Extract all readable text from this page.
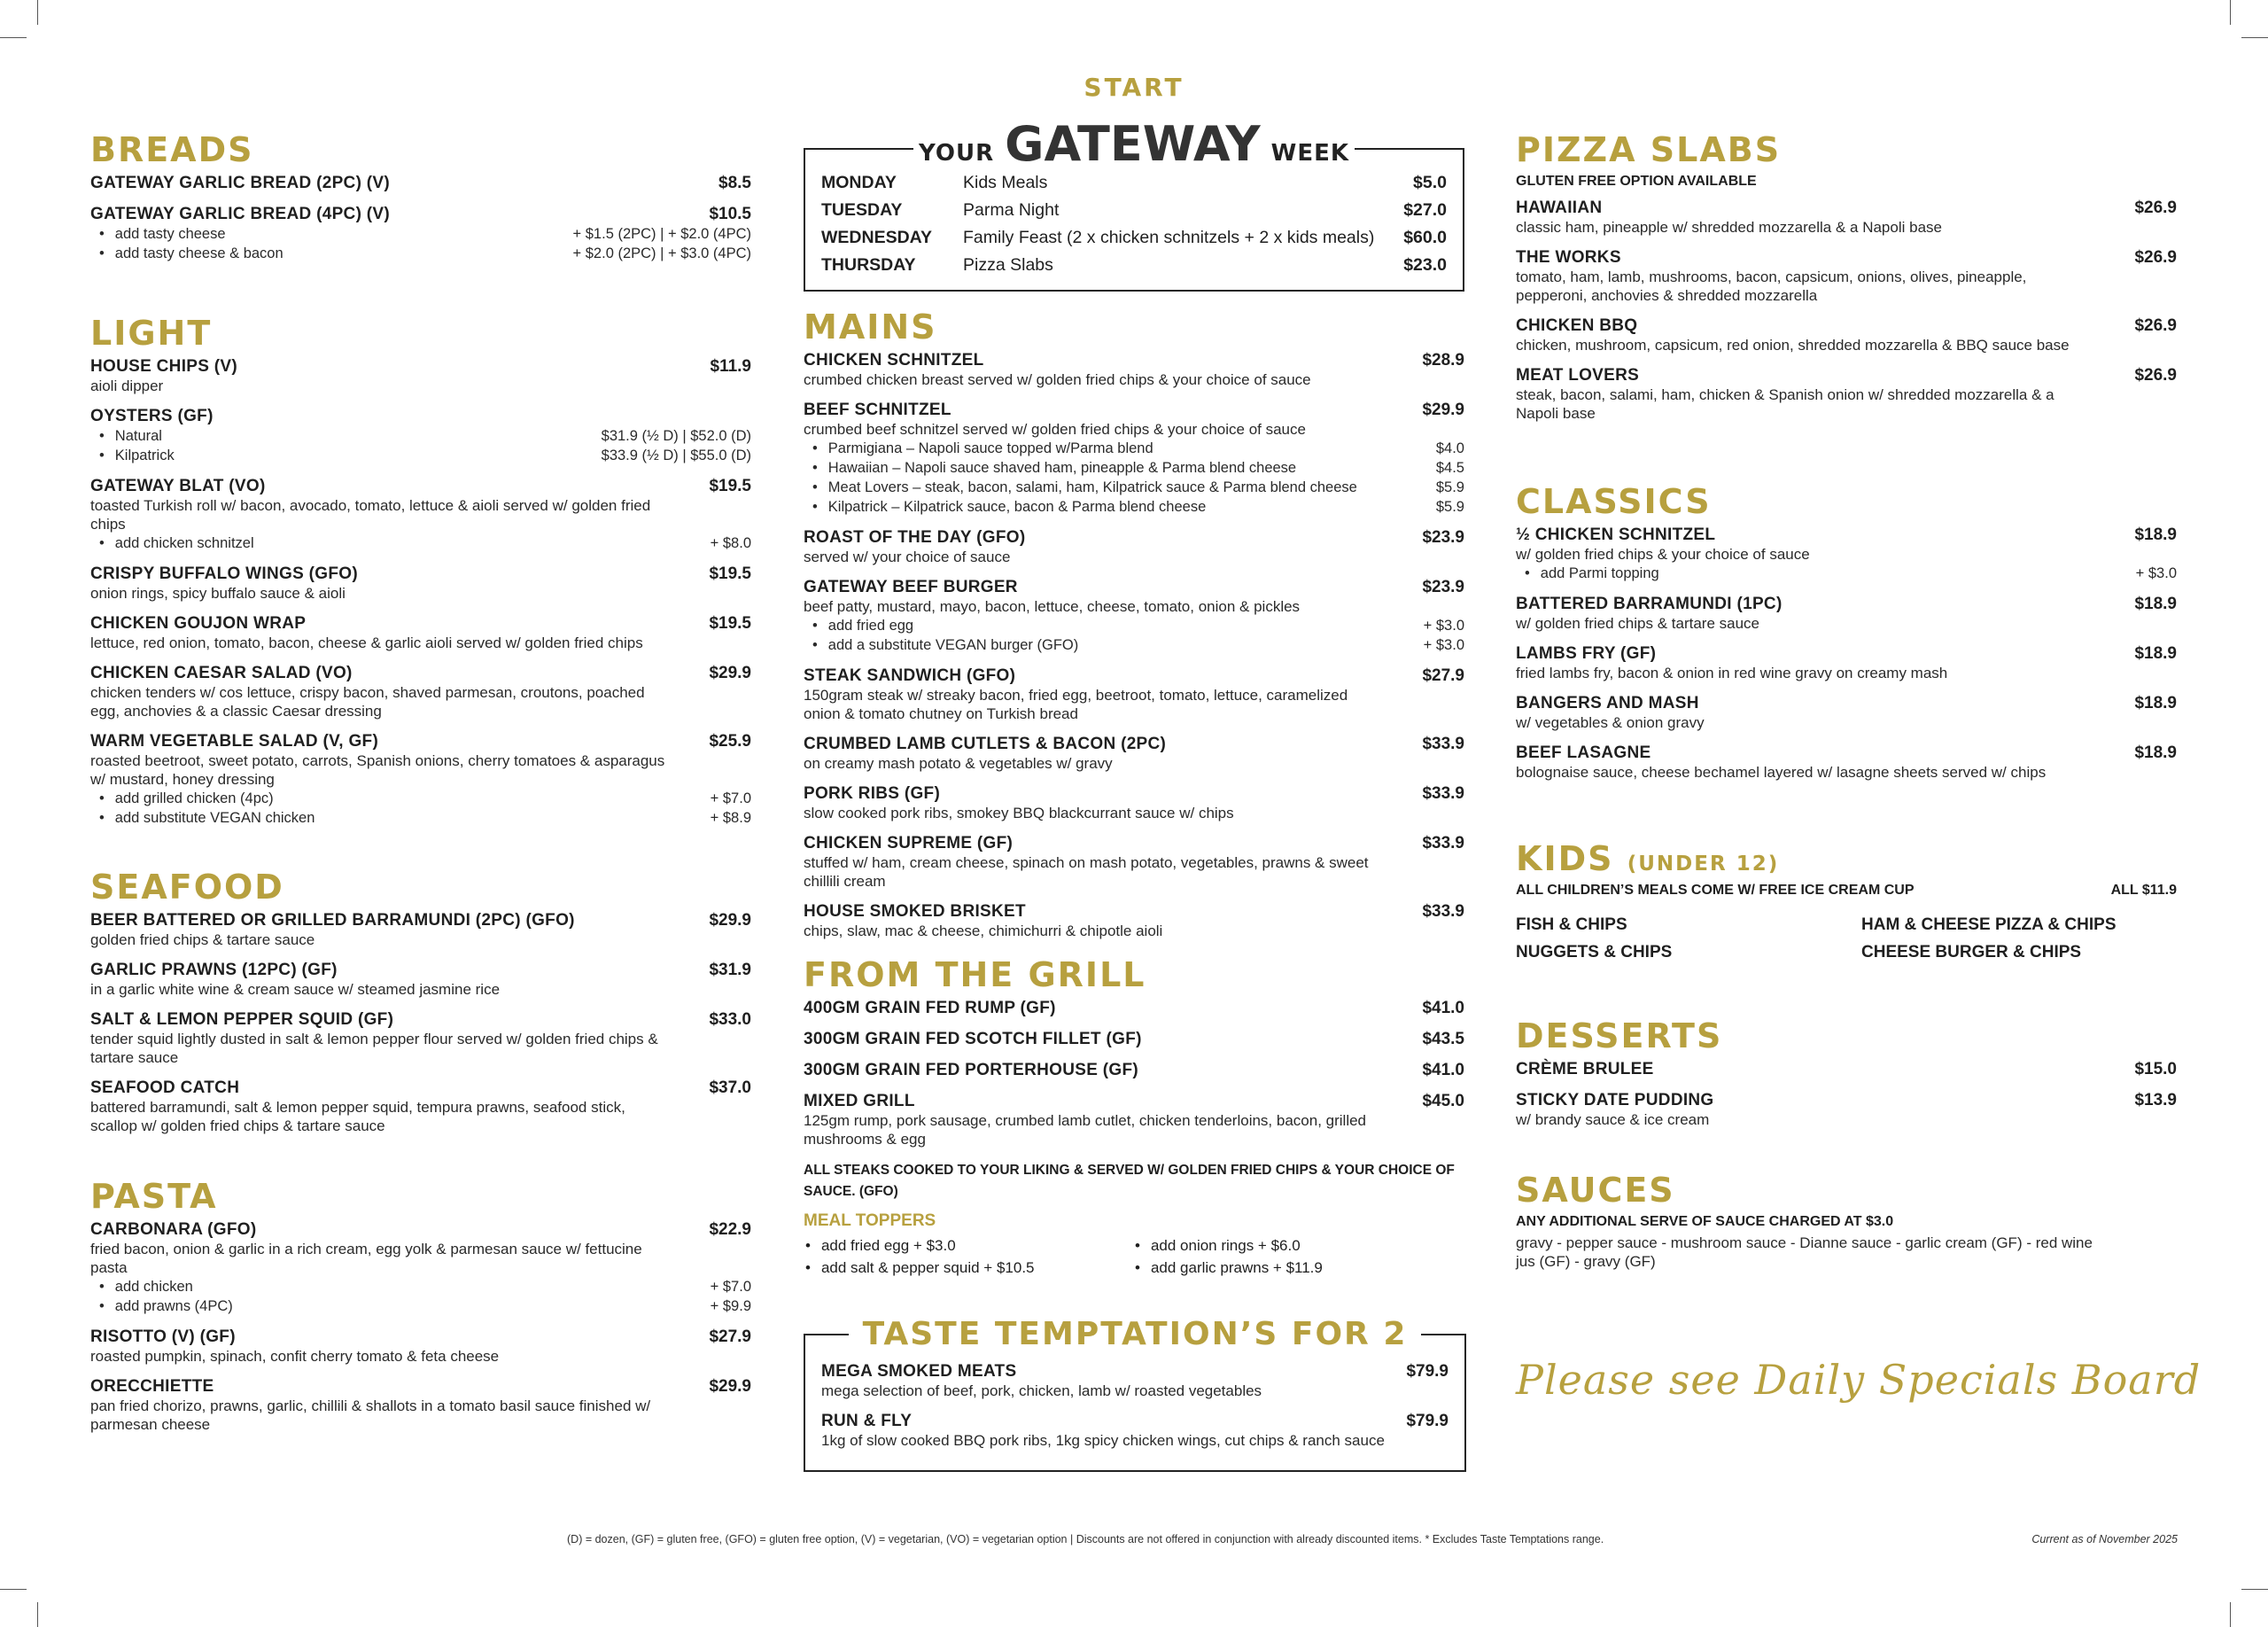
BREADS
GATEWAY GARLIC BREAD (2PC) (V)	$8.5
GATEWAY GARLIC BREAD (4PC) (V)	$10.5
• add tasty cheese	+ $1.5 (2PC) | + $2.0 (4PC)
• add tasty cheese & bacon	+ $2.0 (2PC) | + $3.0 (4PC)
LIGHT
HOUSE CHIPS (V)	$11.9
aioli dipper
OYSTERS (GF)
• Natural	$31.9 (½ D) | $52.0 (D)
• Kilpatrick	$33.9 (½ D) | $55.0 (D)
GATEWAY BLAT (VO)	$19.5
toasted Turkish roll w/ bacon, avocado, tomato, lettuce & aioli served w/ golden fried chips
• add chicken schnitzel	+ $8.0
CRISPY BUFFALO WINGS (GFO)	$19.5
onion rings, spicy buffalo sauce & aioli
CHICKEN GOUJON WRAP	$19.5
lettuce, red onion, tomato, bacon, cheese & garlic aioli served w/ golden fried chips
CHICKEN CAESAR SALAD (VO)	$29.9
chicken tenders w/ cos lettuce, crispy bacon, shaved parmesan, croutons, poached egg, anchovies & a classic Caesar dressing
WARM VEGETABLE SALAD (V, GF)	$25.9
roasted beetroot, sweet potato, carrots, Spanish onions, cherry tomatoes & asparagus w/ mustard, honey dressing
• add grilled chicken (4pc)	+ $7.0
• add substitute VEGAN chicken	+ $8.9
SEAFOOD
BEER BATTERED OR GRILLED BARRAMUNDI (2PC) (GFO)	$29.9
golden fried chips & tartare sauce
GARLIC PRAWNS (12PC) (GF)	$31.9
in a garlic white wine & cream sauce w/ steamed jasmine rice
SALT & LEMON PEPPER SQUID (GF)	$33.0
tender squid lightly dusted in salt & lemon pepper flour served w/ golden fried chips & tartare sauce
SEAFOOD CATCH	$37.0
battered barramundi, salt & lemon pepper squid, tempura prawns, seafood stick, scallop w/ golden fried chips & tartare sauce
PASTA
CARBONARA (GFO)	$22.9
fried bacon, onion & garlic in a rich cream, egg yolk & parmesan sauce w/ fettucine pasta
• add chicken	+ $7.0
• add prawns (4PC)	+ $9.9
RISOTTO (V) (GF)	$27.9
roasted pumpkin, spinach, confit cherry tomato & feta cheese
ORECCHIETTE	$29.9
pan fried chorizo, prawns, garlic, chillili & shallots in a tomato basil sauce finished w/ parmesan cheese
START
YOUR GATEWAY WEEK
MONDAY	Kids Meals	$5.0
TUESDAY	Parma Night	$27.0
WEDNESDAY	Family Feast (2 x chicken schnitzels + 2 x kids meals)	$60.0
THURSDAY	Pizza Slabs	$23.0
MAINS
CHICKEN SCHNITZEL	$28.9
crumbed chicken breast served w/ golden fried chips & your choice of sauce
BEEF SCHNITZEL	$29.9
crumbed beef schnitzel served w/ golden fried chips & your choice of sauce
• Parmigiana – Napoli sauce topped w/Parma blend	$4.0
• Hawaiian – Napoli sauce shaved ham, pineapple & Parma blend cheese	$4.5
• Meat Lovers – steak, bacon, salami, ham, Kilpatrick sauce & Parma blend cheese	$5.9
• Kilpatrick – Kilpatrick sauce, bacon & Parma blend cheese	$5.9
ROAST OF THE DAY (GFO)	$23.9
served w/ your choice of sauce
GATEWAY BEEF BURGER	$23.9
beef patty, mustard, mayo, bacon, lettuce, cheese, tomato, onion & pickles
• add fried egg	+ $3.0
• add a substitute VEGAN burger (GFO)	+ $3.0
STEAK SANDWICH (GFO)	$27.9
150gram steak w/ streaky bacon, fried egg, beetroot, tomato, lettuce, caramelized onion & tomato chutney on Turkish bread
CRUMBED LAMB CUTLETS & BACON (2PC)	$33.9
on creamy mash potato & vegetables w/ gravy
PORK RIBS (GF)	$33.9
slow cooked pork ribs, smokey BBQ blackcurrant sauce w/ chips
CHICKEN SUPREME (GF)	$33.9
stuffed w/ ham, cream cheese, spinach on mash potato, vegetables, prawns & sweet chillili cream
HOUSE SMOKED BRISKET	$33.9
chips, slaw, mac & cheese, chimichurri & chipotle aioli
FROM THE GRILL
400GM GRAIN FED RUMP (GF)	$41.0
300GM GRAIN FED SCOTCH FILLET (GF)	$43.5
300GM GRAIN FED PORTERHOUSE (GF)	$41.0
MIXED GRILL	$45.0
125gm rump, pork sausage, crumbed lamb cutlet, chicken tenderloins, bacon, grilled mushrooms & egg
ALL STEAKS COOKED TO YOUR LIKING & SERVED W/ GOLDEN FRIED CHIPS & YOUR CHOICE OF SAUCE. (GFO)
MEAL TOPPERS
• add fried egg + $3.0	• add onion rings + $6.0
• add salt & pepper squid + $10.5	• add garlic prawns + $11.9
TASTE TEMPTATION’S FOR 2
MEGA SMOKED MEATS	$79.9
mega selection of beef, pork, chicken, lamb w/ roasted vegetables
RUN & FLY	$79.9
1kg of slow cooked BBQ pork ribs, 1kg spicy chicken wings, cut chips & ranch sauce
PIZZA SLABS
GLUTEN FREE OPTION AVAILABLE
HAWAIIAN	$26.9
classic ham, pineapple w/ shredded mozzarella & a Napoli base
THE WORKS	$26.9
tomato, ham, lamb, mushrooms, bacon, capsicum, onions, olives, pineapple, pepperoni, anchovies & shredded mozzarella
CHICKEN BBQ	$26.9
chicken, mushroom, capsicum, red onion, shredded mozzarella & BBQ sauce base
MEAT LOVERS	$26.9
steak, bacon, salami, ham, chicken & Spanish onion w/ shredded mozzarella & a Napoli base
CLASSICS
½ CHICKEN SCHNITZEL	$18.9
w/ golden fried chips & your choice of sauce
• add Parmi topping	+ $3.0
BATTERED BARRAMUNDI (1PC)	$18.9
w/ golden fried chips & tartare sauce
LAMBS FRY (GF)	$18.9
fried lambs fry, bacon & onion in red wine gravy on creamy mash
BANGERS AND MASH	$18.9
w/ vegetables & onion gravy
BEEF LASAGNE	$18.9
bolognaise sauce, cheese bechamel layered w/ lasagne sheets served w/ chips
KIDS (UNDER 12)
ALL CHILDREN’S MEALS COME W/ FREE ICE CREAM CUP	ALL $11.9
FISH & CHIPS	HAM & CHEESE PIZZA & CHIPS
NUGGETS & CHIPS	CHEESE BURGER & CHIPS
DESSERTS
CRÈME BRULEE	$15.0
STICKY DATE PUDDING	$13.9
w/ brandy sauce & ice cream
SAUCES
ANY ADDITIONAL SERVE OF SAUCE CHARGED AT $3.0
gravy - pepper sauce - mushroom sauce - Dianne sauce - garlic cream (GF) - red wine jus (GF) - gravy (GF)
Please see Daily Specials Board
(D) = dozen, (GF) = gluten free, (GFO) = gluten free option, (V) = vegetarian, (VO) = vegetarian option | Discounts are not offered in conjunction with already discounted items. * Excludes Taste Temptations range.	Current as of November 2025
